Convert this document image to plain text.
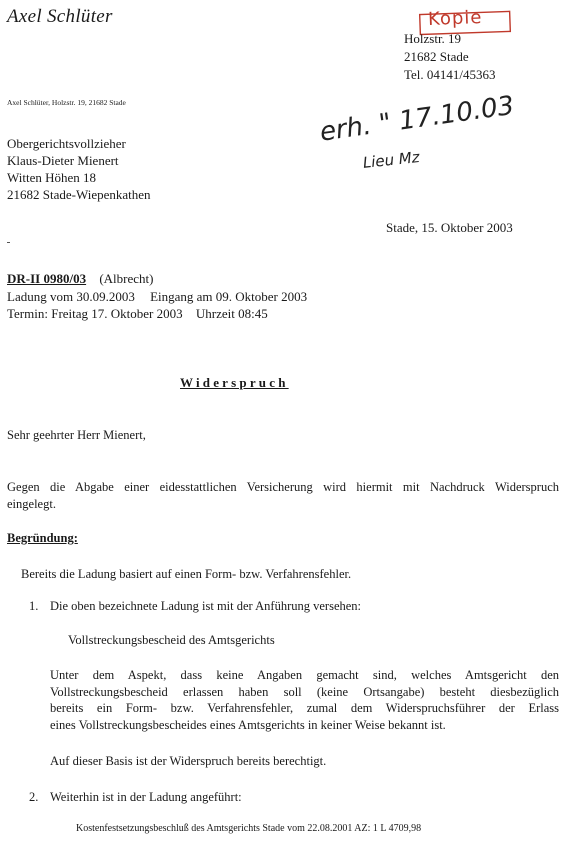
Axel Schlüter	Kopie
Holzstr. 19
21682 Stade
Tel. 04141/45363
Axel Schlüter, Holzstr. 19, 21682 Stade
Obergerichtsvollzieher
Klaus-Dieter Mienert
Witten Höhen 18
21682 Stade-Wiepenkathen
erh. " 17.10.03
Lieu Mz
Stade, 15. Oktober 2003
DR-II 0980/03 (Albrecht)
Ladung vom 30.09.2003 Eingang am 09. Oktober 2003
Termin: Freitag 17. Oktober 2003 Uhrzeit 08:45
Widerspruch
Sehr geehrter Herr Mienert,
Gegen die Abgabe einer eidesstattlichen Versicherung wird hiermit mit Nachdruck Widerspruch
eingelegt.
Begründung:
Bereits die Ladung basiert auf einen Form- bzw. Verfahrensfehler.
1. Die oben bezeichnete Ladung ist mit der Anführung versehen:
Vollstreckungsbescheid des Amtsgerichts
Unter dem Aspekt, dass keine Angaben gemacht sind, welches Amtsgericht den
Vollstreckungsbescheid erlassen haben soll (keine Ortsangabe) besteht diesbezüglich
bereits ein Form- bzw. Verfahrensfehler, zumal dem Widerspruchsführer der Erlass
eines Vollstreckungsbescheides eines Amtsgerichts in keiner Weise bekannt ist.
Auf dieser Basis ist der Widerspruch bereits berechtigt.
2. Weiterhin ist in der Ladung angeführt:
Kostenfestsetzungsbeschluß des Amtsgerichts Stade vom 22.08.2001 AZ: 1 L 4709,98
